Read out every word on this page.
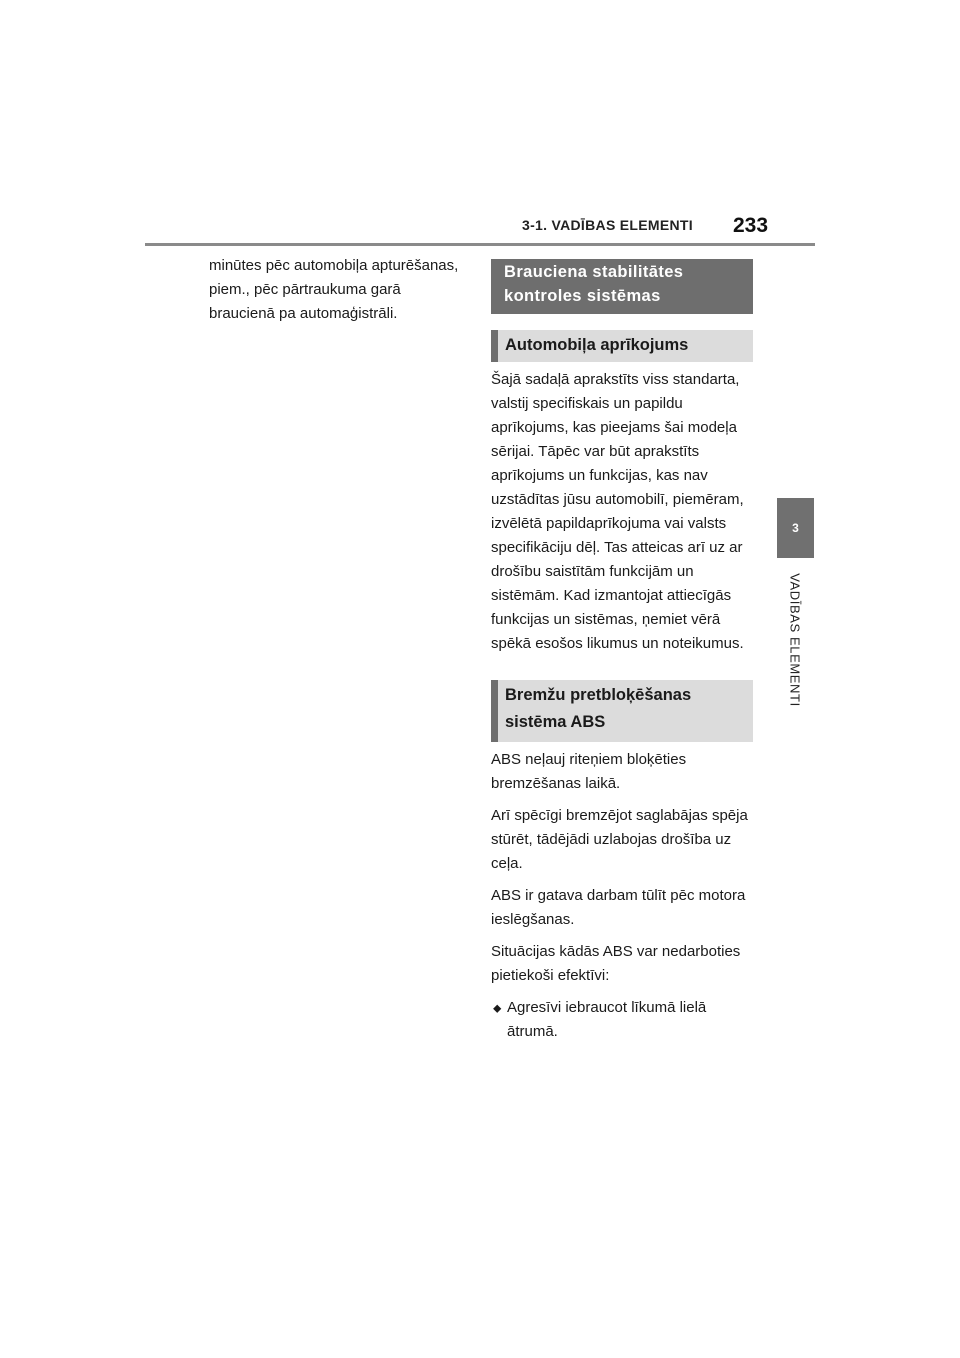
3-1. VADĪBAS ELEMENTI 233
3
VADĪBAS ELEMENTI

minūtes pēc automobiļa apturēšanas, piem., pēc pārtraukuma garā braucienā pa automaģistrāli.

Brauciena stabilitātes kontroles sistēmas
Automobiļa aprīkojums

Šajā sadaļā aprakstīts viss standarta, valstij specifiskais un papildu aprīkojums, kas pieejams šai modeļa sērijai. Tāpēc var būt aprakstīts aprīkojums un funkcijas, kas nav uzstādītas jūsu automobilī, piemēram, izvēlētā papildaprīkojuma vai valsts specifikāciju dēļ. Tas atteicas arī uz ar drošību saistītām funkcijām un sistēmām. Kad izmantojat attiecīgās funkcijas un sistēmas, ņemiet vērā spēkā esošos likumus un noteikumus.

Bremžu pretbloķēšanas sistēma ABS

ABS neļauj riteņiem bloķēties bremzēšanas laikā.

Arī spēcīgi bremzējot saglabājas spēja stūrēt, tādējādi uzlabojas drošība uz ceļa.

ABS ir gatava darbam tūlīt pēc motora ieslēgšanas.

Situācijas kādās ABS var nedarboties pietiekoši efektīvi:

⬥ Agresīvi iebraucot līkumā lielā ātrumā.
